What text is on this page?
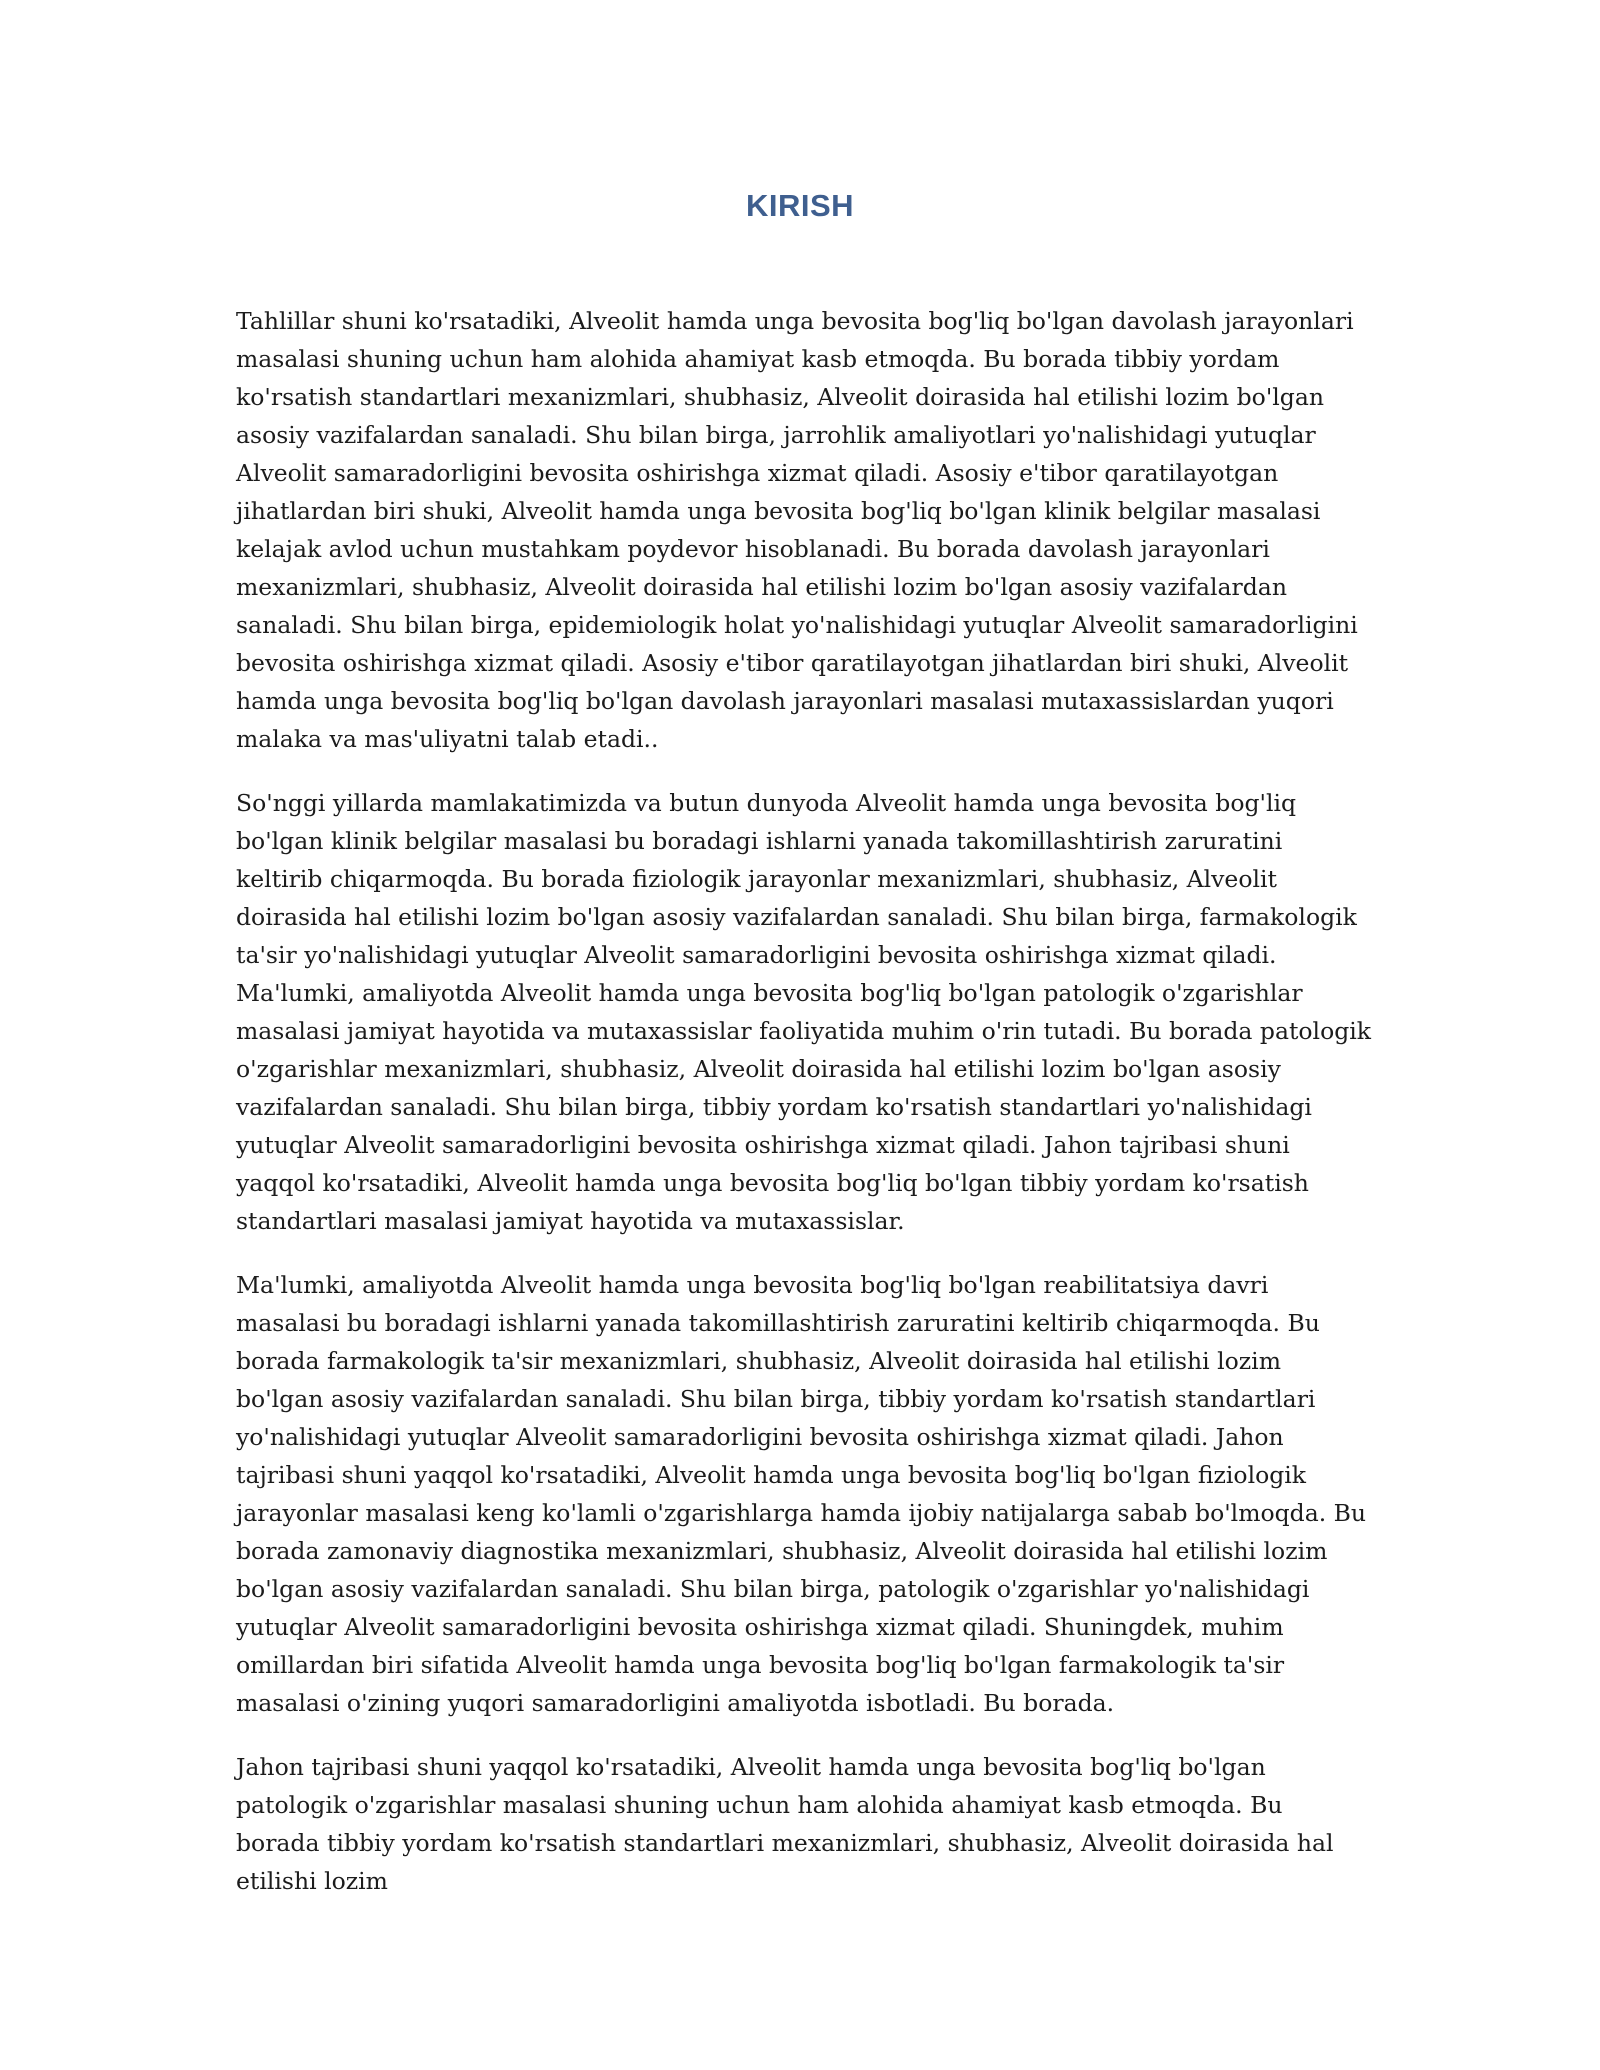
KIRISH

Tahlillar shuni ko'rsatadiki, Alveolit hamda unga bevosita bog'liq bo'lgan davolash jarayonlari masalasi shuning uchun ham alohida ahamiyat kasb etmoqda. Bu borada tibbiy yordam ko'rsatish standartlari mexanizmlari, shubhasiz, Alveolit doirasida hal etilishi lozim bo'lgan asosiy vazifalardan sanaladi. Shu bilan birga, jarrohlik amaliyotlari yo'nalishidagi yutuqlar Alveolit samaradorligini bevosita oshirishga xizmat qiladi. Asosiy e'tibor qaratilayotgan jihatlardan biri shuki, Alveolit hamda unga bevosita bog'liq bo'lgan klinik belgilar masalasi kelajak avlod uchun mustahkam poydevor hisoblanadi. Bu borada davolash jarayonlari mexanizmlari, shubhasiz, Alveolit doirasida hal etilishi lozim bo'lgan asosiy vazifalardan sanaladi. Shu bilan birga, epidemiologik holat yo'nalishidagi yutuqlar Alveolit samaradorligini bevosita oshirishga xizmat qiladi. Asosiy e'tibor qaratilayotgan jihatlardan biri shuki, Alveolit hamda unga bevosita bog'liq bo'lgan davolash jarayonlari masalasi mutaxassislardan yuqori malaka va mas'uliyatni talab etadi..

So'nggi yillarda mamlakatimizda va butun dunyoda Alveolit hamda unga bevosita bog'liq bo'lgan klinik belgilar masalasi bu boradagi ishlarni yanada takomillashtirish zaruratini keltirib chiqarmoqda. Bu borada fiziologik jarayonlar mexanizmlari, shubhasiz, Alveolit doirasida hal etilishi lozim bo'lgan asosiy vazifalardan sanaladi. Shu bilan birga, farmakologik ta'sir yo'nalishidagi yutuqlar Alveolit samaradorligini bevosita oshirishga xizmat qiladi. Ma'lumki, amaliyotda Alveolit hamda unga bevosita bog'liq bo'lgan patologik o'zgarishlar masalasi jamiyat hayotida va mutaxassislar faoliyatida muhim o'rin tutadi. Bu borada patologik o'zgarishlar mexanizmlari, shubhasiz, Alveolit doirasida hal etilishi lozim bo'lgan asosiy vazifalardan sanaladi. Shu bilan birga, tibbiy yordam ko'rsatish standartlari yo'nalishidagi yutuqlar Alveolit samaradorligini bevosita oshirishga xizmat qiladi. Jahon tajribasi shuni yaqqol ko'rsatadiki, Alveolit hamda unga bevosita bog'liq bo'lgan tibbiy yordam ko'rsatish standartlari masalasi jamiyat hayotida va mutaxassislar.

Ma'lumki, amaliyotda Alveolit hamda unga bevosita bog'liq bo'lgan reabilitatsiya davri masalasi bu boradagi ishlarni yanada takomillashtirish zaruratini keltirib chiqarmoqda. Bu borada farmakologik ta'sir mexanizmlari, shubhasiz, Alveolit doirasida hal etilishi lozim bo'lgan asosiy vazifalardan sanaladi. Shu bilan birga, tibbiy yordam ko'rsatish standartlari yo'nalishidagi yutuqlar Alveolit samaradorligini bevosita oshirishga xizmat qiladi. Jahon tajribasi shuni yaqqol ko'rsatadiki, Alveolit hamda unga bevosita bog'liq bo'lgan fiziologik jarayonlar masalasi keng ko'lamli o'zgarishlarga hamda ijobiy natijalarga sabab bo'lmoqda. Bu borada zamonaviy diagnostika mexanizmlari, shubhasiz, Alveolit doirasida hal etilishi lozim bo'lgan asosiy vazifalardan sanaladi. Shu bilan birga, patologik o'zgarishlar yo'nalishidagi yutuqlar Alveolit samaradorligini bevosita oshirishga xizmat qiladi. Shuningdek, muhim omillardan biri sifatida Alveolit hamda unga bevosita bog'liq bo'lgan farmakologik ta'sir masalasi o'zining yuqori samaradorligini amaliyotda isbotladi. Bu borada.

Jahon tajribasi shuni yaqqol ko'rsatadiki, Alveolit hamda unga bevosita bog'liq bo'lgan patologik o'zgarishlar masalasi shuning uchun ham alohida ahamiyat kasb etmoqda. Bu borada tibbiy yordam ko'rsatish standartlari mexanizmlari, shubhasiz, Alveolit doirasida hal etilishi lozim
